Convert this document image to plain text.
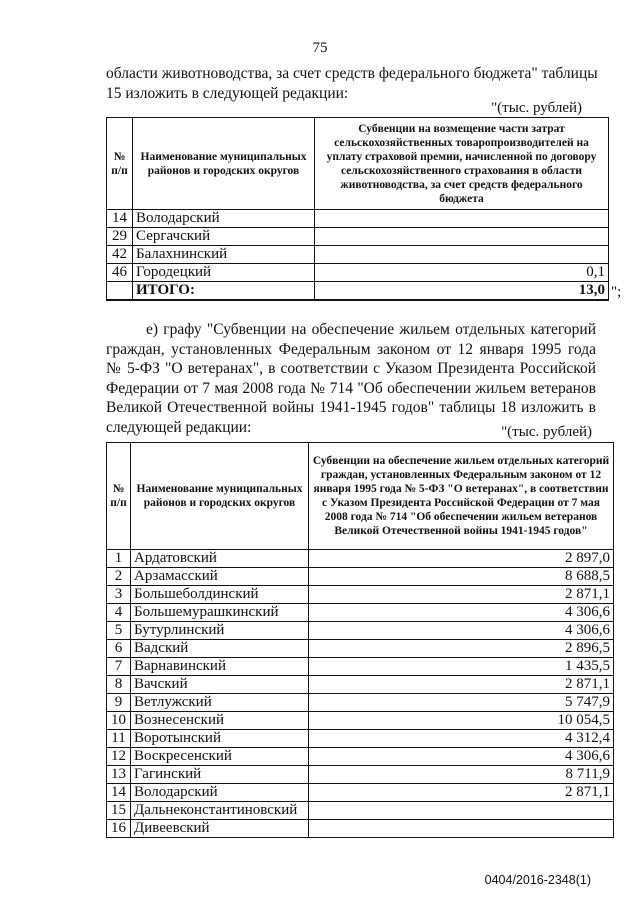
75
области животноводства, за счет средств федерального бюджета" таблицы
15 изложить в следующей редакции:
"(тыс. рублей)
№ п/п	Наименование муниципальных районов и городских округов	Субвенции на возмещение части затрат сельскохозяйственных товаропроизводителей на уплату страховой премии, начисленной по договору сельскохозяйственного страхования в области животноводства, за счет средств федерального бюджета
14	Володарский	
29	Сергачский	
42	Балахнинский	
46	Городецкий	0,1
	ИТОГО:	13,0 ";
е) графу "Субвенции на обеспечение жильем отдельных категорий
граждан, установленных Федеральным законом от 12 января 1995 года
№ 5-ФЗ "О ветеранах", в соответствии с Указом Президента Российской
Федерации от 7 мая 2008 года № 714 "Об обеспечении жильем ветеранов
Великой Отечественной войны 1941-1945 годов" таблицы 18 изложить в
следующей редакции:	"(тыс. рублей)
№ п/п	Наименование муниципальных районов и городских округов	Субвенции на обеспечение жильем отдельных категорий граждан, установленных Федеральным законом от 12 января 1995 года № 5-ФЗ "О ветеранах", в соответствии с Указом Президента Российской Федерации от 7 мая 2008 года № 714 "Об обеспечении жильем ветеранов Великой Отечественной войны 1941-1945 годов"
1	Ардатовский	2 897,0
2	Арзамасский	8 688,5
3	Большеболдинский	2 871,1
4	Большемурашкинский	4 306,6
5	Бутурлинский	4 306,6
6	Вадский	2 896,5
7	Варнавинский	1 435,5
8	Вачский	2 871,1
9	Ветлужский	5 747,9
10	Вознесенский	10 054,5
11	Воротынский	4 312,4
12	Воскресенский	4 306,6
13	Гагинский	8 711,9
14	Володарский	2 871,1
15	Дальнеконстантиновский	
16	Дивеевский	
0404/2016-2348(1)
